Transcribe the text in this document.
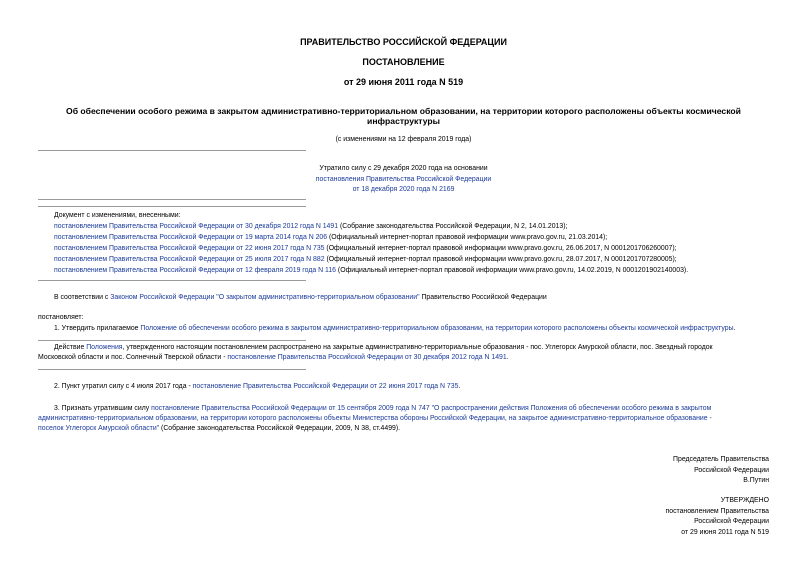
ПРАВИТЕЛЬСТВО РОССИЙСКОЙ ФЕДЕРАЦИИ
ПОСТАНОВЛЕНИЕ
от 29 июня 2011 года N 519
Об обеспечении особого режима в закрытом административно-территориальном образовании, на территории которого расположены объекты космической
инфраструктуры
(с изменениями на 12 февраля 2019 года)
Утратило силу с 29 декабря 2020 года на основании
постановления Правительства Российской Федерации
от 18 декабря 2020 года N 2169
Документ с изменениями, внесенными:
постановлением Правительства Российской Федерации от 30 декабря 2012 года N 1491 (Собрание законодательства Российской Федерации, N 2, 14.01.2013);
постановлением Правительства Российской Федерации от 19 марта 2014 года N 206 (Официальный интернет-портал правовой информации www.pravo.gov.ru, 21.03.2014);
постановлением Правительства Российской Федерации от 22 июня 2017 года N 735 (Официальный интернет-портал правовой информации www.pravo.gov.ru, 26.06.2017, N 0001201706260007);
постановлением Правительства Российской Федерации от 25 июля 2017 года N 882 (Официальный интернет-портал правовой информации www.pravo.gov.ru, 28.07.2017, N 0001201707280005);
постановлением Правительства Российской Федерации от 12 февраля 2019 года N 116 (Официальный интернет-портал правовой информации www.pravo.gov.ru, 14.02.2019, N 0001201902140003).
В соответствии с Законом Российской Федерации "О закрытом административно-территориальном образовании" Правительство Российской Федерации
постановляет:
1. Утвердить прилагаемое Положение об обеспечении особого режима в закрытом административно-территориальном образовании, на территории которого расположены объекты космической инфраструктуры.
Действие Положения, утвержденного настоящим постановлением распространено на закрытые административно-территориальные образования - пос. Углегорск Амурской области, пос. Звездный городок
Московской области и пос. Солнечный Тверской области - постановление Правительства Российской Федерации от 30 декабря 2012 года N 1491.
2. Пункт утратил силу с 4 июля 2017 года - постановление Правительства Российской Федерации от 22 июня 2017 года N 735.
3. Признать утратившим силу постановление Правительства Российской Федерации от 15 сентября 2009 года N 747 "О распространении действия Положения об обеспечении особого режима в закрытом
административно-территориальном образовании, на территории которого расположены объекты Министерства обороны Российской Федерации, на закрытое административно-территориальное образование -
поселок Углегорск Амурской области" (Собрание законодательства Российской Федерации, 2009, N 38, ст.4499).
Председатель Правительства
Российской Федерации
В.Путин
УТВЕРЖДЕНО
постановлением Правительства
Российской Федерации
от 29 июня 2011 года N 519
